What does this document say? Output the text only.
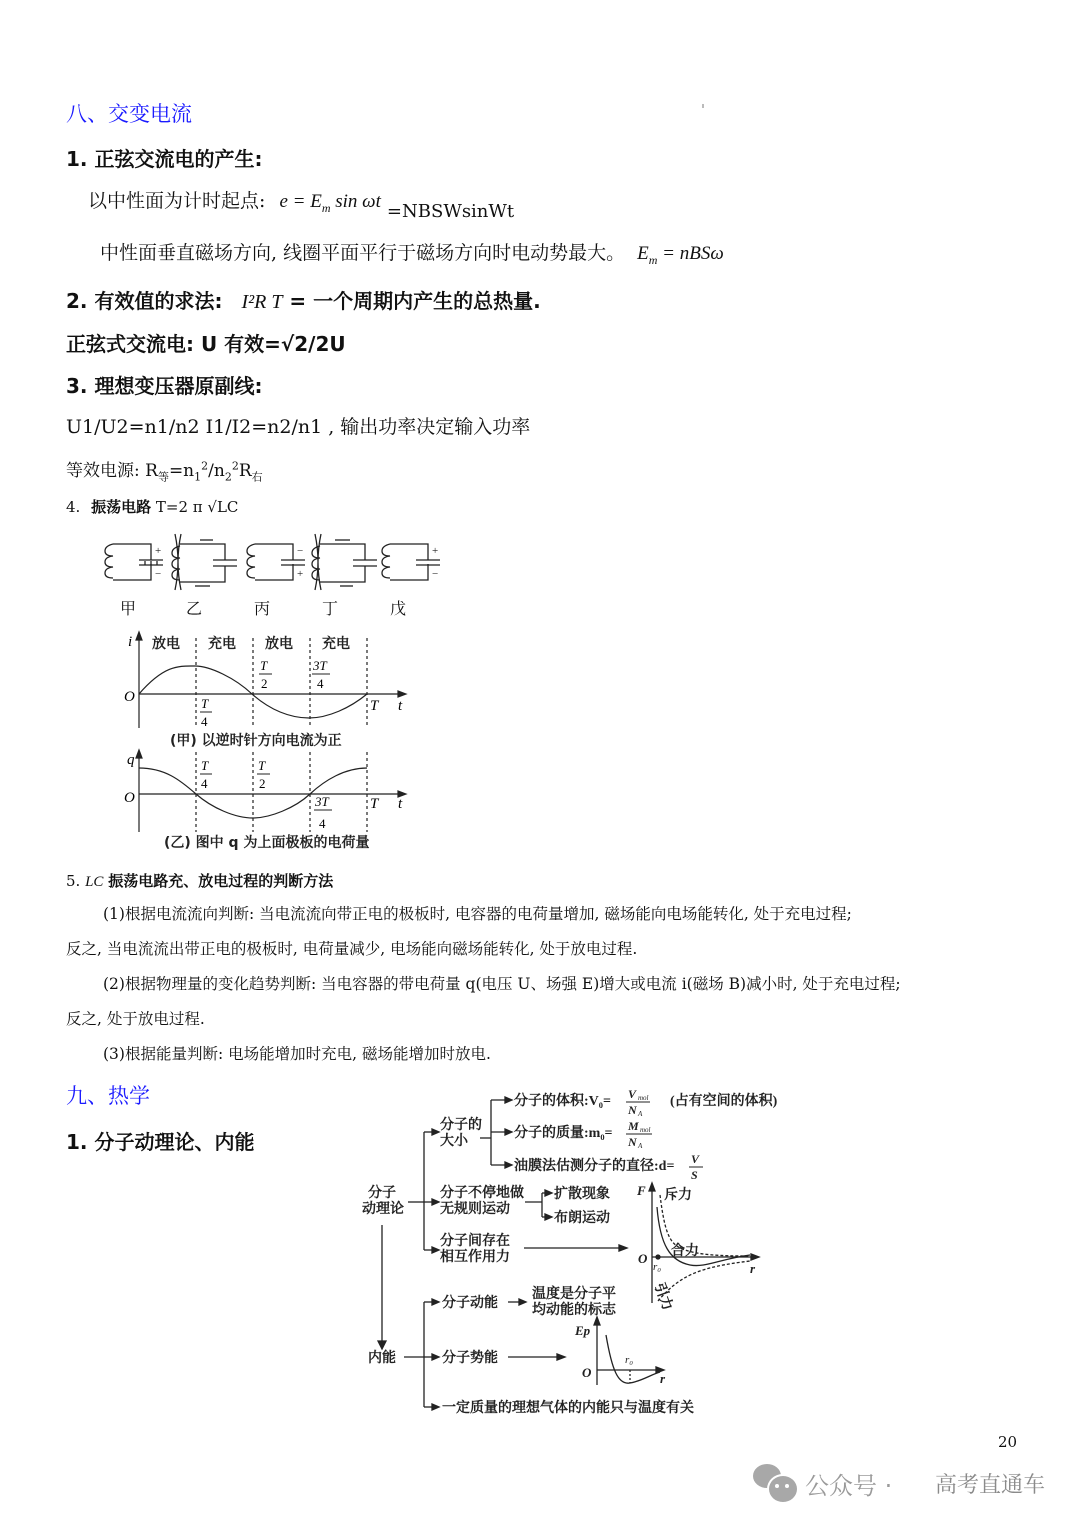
八、交变电流
1. 正弦交流电的产生:
以中性面为计时起点: $e = E_m$ sin ωt =NBSWsinWt
中性面垂直磁场方向, 线圈平面平行于磁场方向时电动势最大。 $E_m = nBS\omega$
2. 有效值的求法: I²R T = 一个周期内产生的总热量.
正弦式交流电: U 有效=√2/2U
3. 理想变压器原副线:
U1/U2=n1/n2 I1/I2=n2/n1 , 输出功率决定输入功率
等效电源: $R_等=n_1^2/n_2^2R_右$
4. 振荡电路 T=2 π √LC
+
−
−
+
+
−
甲	乙	丙	丁	戊
i
O
t
T
放电 充电 放电 充电
T
4
T
2
3T
4
(甲) 以逆时针方向电流为正
q
O	t
T
T
4
T
2
3T
4
(乙) 图中 q 为上面极板的电荷量
5. LC 振荡电路充、放电过程的判断方法
(1)根据电流流向判断: 当电流流向带正电的极板时, 电容器的电荷量增加, 磁场能向电场能转化, 处于充电过程;
反之, 当电流流出带正电的极板时, 电荷量减少, 电场能向磁场能转化, 处于放电过程.
(2)根据物理量的变化趋势判断: 当电容器的带电荷量 q(电压 U、场强 E)增大或电流 i(磁场 B)减小时, 处于充电过程;
反之, 处于放电过程.
(3)根据能量判断: 电场能增加时充电, 磁场能增加时放电.
九、热学
1. 分子动理论、内能
分子
动理论
分子的
大小
分子的体积:V₀=
分子的质量:m₀=
油膜法估测分子的直径:d=
(占有空间的体积)
分子不停地做
无规则运动
扩散现象
布朗运动
分子间存在
相互作用力
内能
分子动能
温度是分子平
均动能的标志
分子势能
一定质量的理想气体的内能只与温度有关
斥力
合力
引力
F
O
r
r₀
Ep
O	r
r₀
V mol
N A
M mol
N A
V
S
20
公众号 · 高考直通车
